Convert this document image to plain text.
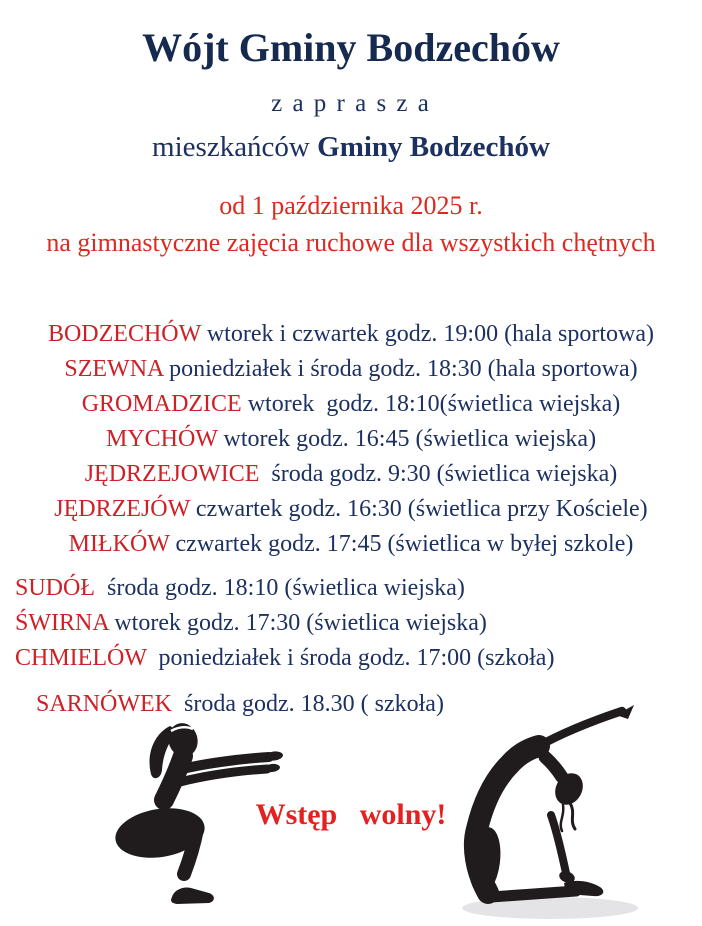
Wójt Gminy Bodzechów
z a p r a s z a
mieszkańców Gminy Bodzechów
od 1 października 2025 r.
na gimnastyczne zajęcia ruchowe dla wszystkich chętnych
BODZECHÓW wtorek i czwartek godz. 19:00 (hala sportowa)
SZEWNA poniedziałek i środa godz. 18:30 (hala sportowa)
GROMADZICE wtorek  godz. 18:10(świetlica wiejska)
MYCHÓW wtorek godz. 16:45 (świetlica wiejska)
JĘDRZEJOWICE  środa godz. 9:30 (świetlica wiejska)
JĘDRZEJÓW czwartek godz. 16:30 (świetlica przy Kościele)
MIŁKÓW czwartek godz. 17:45 (świetlica w byłej szkole)
SUDÓŁ  środa godz. 18:10 (świetlica wiejska)
ŚWIRNA wtorek godz. 17:30 (świetlica wiejska)
CHMIELÓW  poniedziałek i środa godz. 17:00 (szkoła)
SARNÓWEK  środa godz. 18.30 ( szkoła)
Wstęp   wolny!
